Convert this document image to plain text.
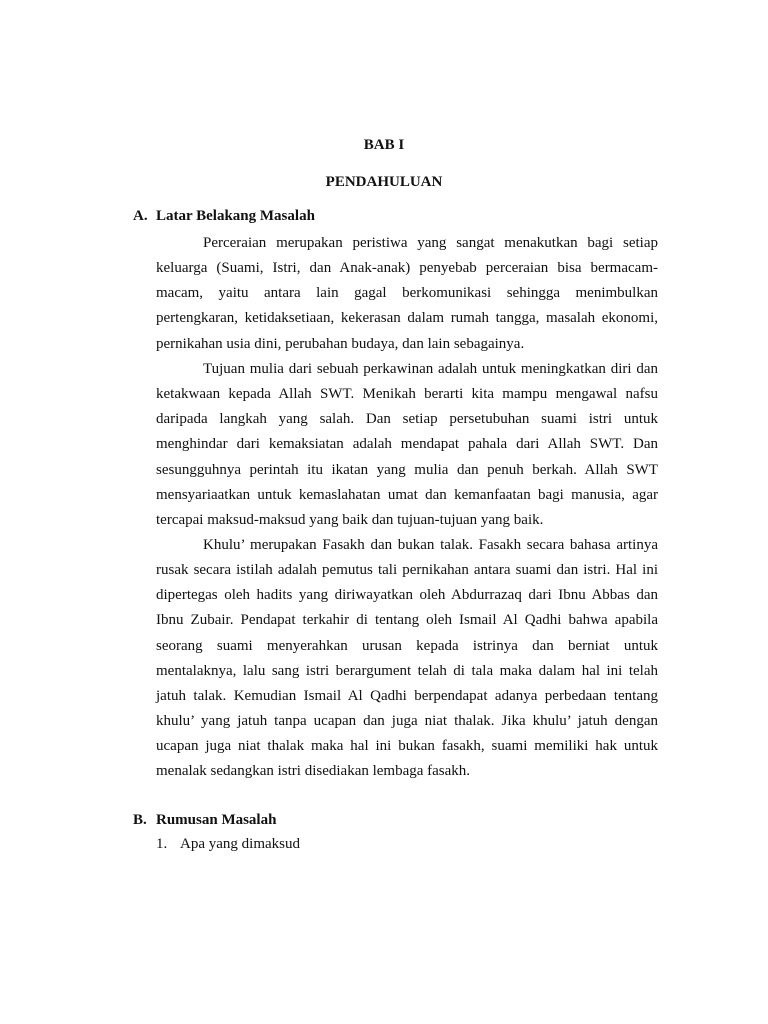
BAB I
PENDAHULUAN
A. Latar Belakang Masalah

Perceraian merupakan peristiwa yang sangat menakutkan bagi setiap keluarga (Suami, Istri, dan Anak-anak) penyebab perceraian bisa bermacam-macam, yaitu antara lain gagal berkomunikasi sehingga menimbulkan pertengkaran, ketidaksetiaan, kekerasan dalam rumah tangga, masalah ekonomi, pernikahan usia dini, perubahan budaya, dan lain sebagainya.

Tujuan mulia dari sebuah perkawinan adalah untuk meningkatkan diri dan ketakwaan kepada Allah SWT. Menikah berarti kita mampu mengawal nafsu daripada langkah yang salah. Dan setiap persetubuhan suami istri untuk menghindar dari kemaksiatan adalah mendapat pahala dari Allah SWT. Dan sesungguhnya perintah itu ikatan yang mulia dan penuh berkah. Allah SWT mensyariaatkan untuk kemaslahatan umat dan kemanfaatan bagi manusia, agar tercapai maksud-maksud yang baik dan tujuan-tujuan yang baik.

Khulu’ merupakan Fasakh dan bukan talak. Fasakh secara bahasa artinya rusak secara istilah adalah pemutus tali pernikahan antara suami dan istri. Hal ini dipertegas oleh hadits yang diriwayatkan oleh Abdurrazaq dari Ibnu Abbas dan Ibnu Zubair. Pendapat terkahir di tentang oleh Ismail Al Qadhi bahwa apabila seorang suami menyerahkan urusan kepada istrinya dan berniat untuk mentalaknya, lalu sang istri berargument telah di tala maka dalam hal ini telah jatuh talak. Kemudian Ismail Al Qadhi berpendapat adanya perbedaan tentang khulu’ yang jatuh tanpa ucapan dan juga niat thalak. Jika khulu’ jatuh dengan ucapan juga niat thalak maka hal ini bukan fasakh, suami memiliki hak untuk menalak sedangkan istri disediakan lembaga fasakh.

B. Rumusan Masalah
1. Apa yang dimaksud
